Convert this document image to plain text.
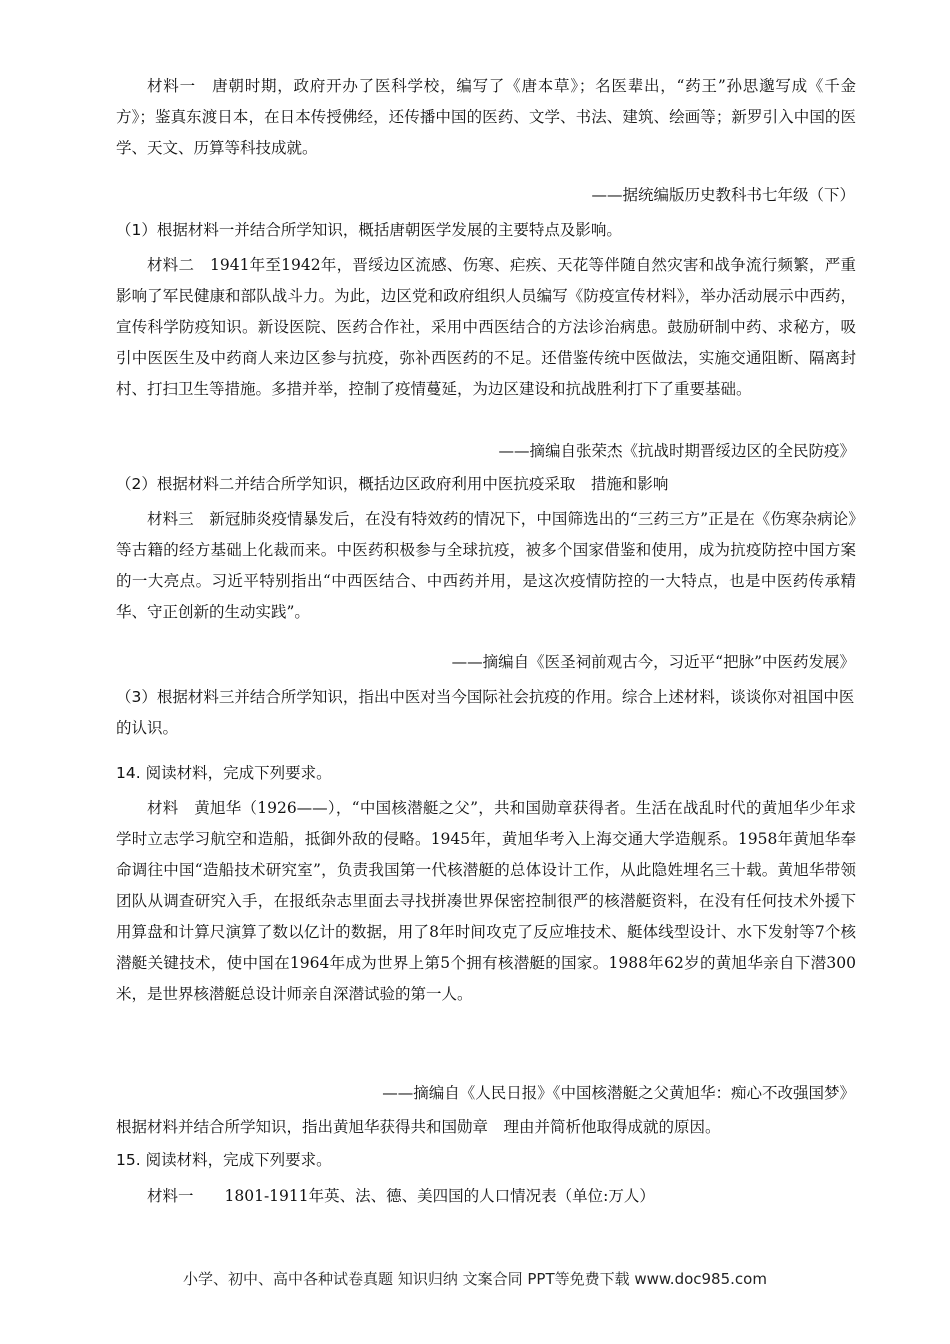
材料一　唐朝时期，政府开办了医科学校，编写了《唐本草》；名医辈出，“药王”孙思邈写成《千金方》；鉴真东渡日本，在日本传授佛经，还传播中国的医药、文学、书法、建筑、绘画等；新罗引入中国的医学、天文、历算等科技成就。

——据统编版历史教科书七年级（下）

（1）根据材料一并结合所学知识，概括唐朝医学发展的主要特点及影响。

材料二　1941年至1942年，晋绥边区流感、伤寒、疟疾、天花等伴随自然灾害和战争流行频繁，严重影响了军民健康和部队战斗力。为此，边区党和政府组织人员编写《防疫宣传材料》，举办活动展示中西药，宣传科学防疫知识。新设医院、医药合作社，采用中西医结合的方法诊治病患。鼓励研制中药、求秘方，吸引中医医生及中药商人来边区参与抗疫，弥补西医药的不足。还借鉴传统中医做法，实施交通阻断、隔离封村、打扫卫生等措施。多措并举，控制了疫情蔓延，为边区建设和抗战胜利打下了重要基础。

——摘编自张荣杰《抗战时期晋绥边区的全民防疫》

（2）根据材料二并结合所学知识，概括边区政府利用中医抗疫采取　措施和影响

材料三　新冠肺炎疫情暴发后，在没有特效药的情况下，中国筛选出的“三药三方”正是在《伤寒杂病论》等古籍的经方基础上化裁而来。中医药积极参与全球抗疫，被多个国家借鉴和使用，成为抗疫防控中国方案的一大亮点。习近平特别指出“中西医结合、中西药并用，是这次疫情防控的一大特点，也是中医药传承精华、守正创新的生动实践”。

——摘编自《医圣祠前观古今，习近平“把脉”中医药发展》

（3）根据材料三并结合所学知识，指出中医对当今国际社会抗疫的作用。综合上述材料，谈谈你对祖国中医的认识。

14. 阅读材料，完成下列要求。

材料　黄旭华（1926——），“中国核潜艇之父”，共和国勋章获得者。生活在战乱时代的黄旭华少年求学时立志学习航空和造船，抵御外敌的侵略。1945年，黄旭华考入上海交通大学造舰系。1958年黄旭华奉命调往中国“造船技术研究室”，负责我国第一代核潜艇的总体设计工作，从此隐姓埋名三十载。黄旭华带领团队从调查研究入手，在报纸杂志里面去寻找拼凑世界保密控制很严的核潜艇资料，在没有任何技术外援下用算盘和计算尺演算了数以亿计的数据，用了8年时间攻克了反应堆技术、艇体线型设计、水下发射等7个核潜艇关键技术，使中国在1964年成为世界上第5个拥有核潜艇的国家。1988年62岁的黄旭华亲自下潜300米，是世界核潜艇总设计师亲自深潜试验的第一人。

——摘编自《人民日报》《中国核潜艇之父黄旭华：痴心不改强国梦》

根据材料并结合所学知识，指出黄旭华获得共和国勋章　理由并简析他取得成就的原因。

15. 阅读材料，完成下列要求。

材料一　　1801-1911年英、法、德、美四国的人口情况表（单位:万人）

小学、初中、高中各种试卷真题 知识归纳 文案合同 PPT等免费下载 www.doc985.com
